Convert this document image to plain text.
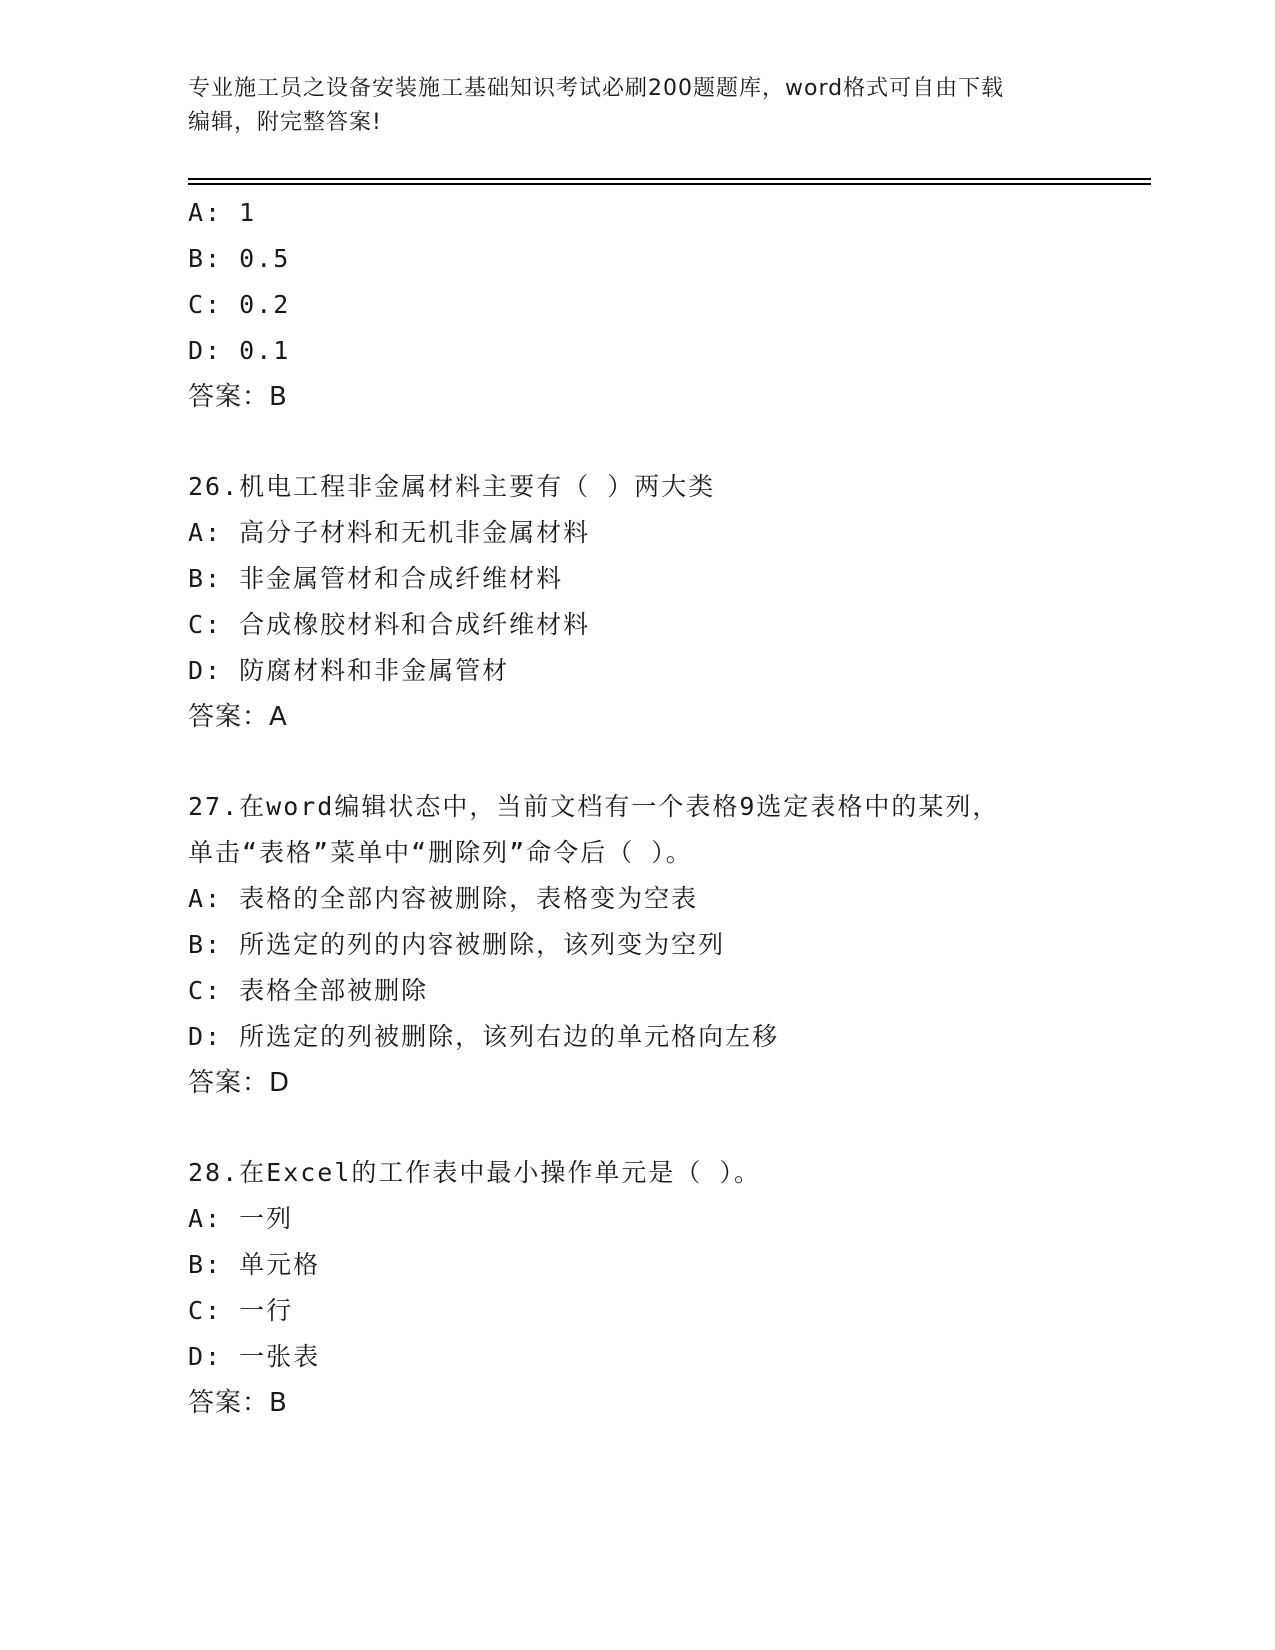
专业施工员之设备安装施工基础知识考试必刷200题题库，word格式可自由下载
编辑，附完整答案!
A: 1
B: 0.5
C: 0.2
D: 0.1
答案：B
26.机电工程非金属材料主要有（ ）两大类
A: 高分子材料和无机非金属材料
B: 非金属管材和合成纤维材料
C: 合成橡胶材料和合成纤维材料
D: 防腐材料和非金属管材
答案：A
27.在word编辑状态中，当前文档有一个表格9选定表格中的某列，
单击“表格”菜单中“删除列”命令后（ ）。
A: 表格的全部内容被删除，表格变为空表
B: 所选定的列的内容被删除，该列变为空列
C: 表格全部被删除
D: 所选定的列被删除，该列右边的单元格向左移
答案：D
28.在Excel的工作表中最小操作单元是（ ）。
A: 一列
B: 单元格
C: 一行
D: 一张表
答案：B
